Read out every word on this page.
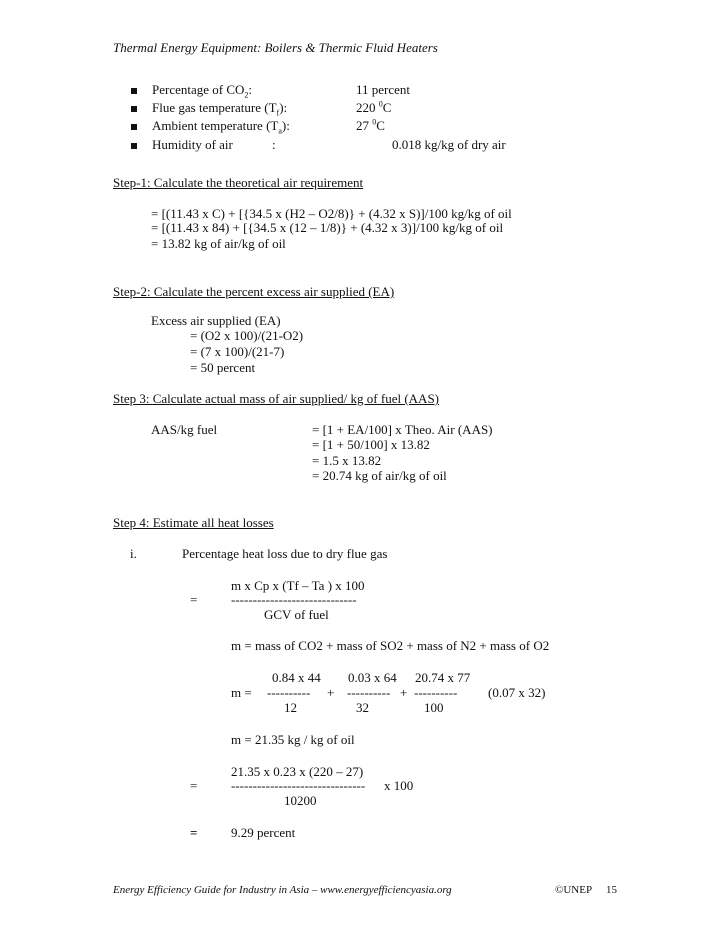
Thermal Energy Equipment: Boilers & Thermic Fluid Heaters
Percentage of $CO_2$:	11 percent
Flue gas temperature $(T_f)$:	220 $^0$C
Ambient temperature $(T_a)$:	27 $^0$C
Humidity of air	:	0.018 kg/kg of dry air
Step-1: Calculate the theoretical air requirement
= [(11.43 x C) + [{34.5 x (H2 – O2/8)} + (4.32 x S)]/100 kg/kg of oil
= [(11.43 x 84) + [{34.5 x (12 – 1/8)} + (4.32 x 3)]/100 kg/kg of oil
= 13.82 kg of air/kg of oil
Step-2: Calculate the percent excess air supplied (EA)
Excess air supplied (EA)
= (O2 x 100)/(21-O2)
= (7 x 100)/(21-7)
= 50 percent
Step 3: Calculate actual mass of air supplied/ kg of fuel (AAS)
AAS/kg fuel	= [1 + EA/100] x Theo. Air (AAS)
= [1 + 50/100] x 13.82
= 1.5 x 13.82
= 20.74 kg of air/kg of oil
Step 4: Estimate all heat losses
i.	Percentage heat loss due to dry flue gas
m x Cp x (Tf – Ta ) x 100
=	-----------------------------
GCV of fuel
m = mass of CO2 + mass of SO2 + mass of N2 + mass of O2
0.84 x 44 0.03 x 64 20.74 x 77
m = ---------- + ---------- + ---------- (0.07 x 32)
12	32	100
m = 21.35 kg / kg of oil
21.35 x 0.23 x (220 – 27)
=	------------------------------- x 100
10200
=	9.29 percent
Energy Efficiency Guide for Industry in Asia – www.energyefficiencyasia.org	©UNEP 15
